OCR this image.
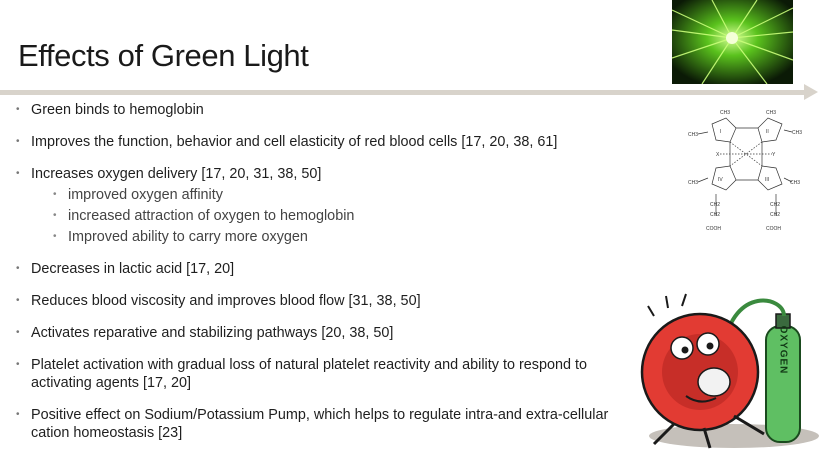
Effects of Green Light
• Green binds to hemoglobin
• Improves the function, behavior and cell elasticity of red blood cells [17, 20, 38, 61]
• Increases oxygen delivery [17, 20, 31, 38, 50]
• improved oxygen affinity
• increased attraction of oxygen to hemoglobin
• Improved ability to carry more oxygen
• Decreases in lactic acid [17, 20]
• Reduces blood viscosity and improves blood flow [31, 38, 50]
• Activates reparative and stabilizing pathways [20, 38, 50]
• Platelet activation with gradual loss of natural platelet reactivity and ability to respond to activating agents [17, 20]
• Positive effect on Sodium/Potassium Pump, which helps to regulate intra-and extra-cellular cation homeostasis [23]
I	II
III
IV
X	Y
CH3
CH3	CH3
CH3
CH3	CH3
CH2
CH2
CH2
CH2
COOH	COOH
OXYGEN
